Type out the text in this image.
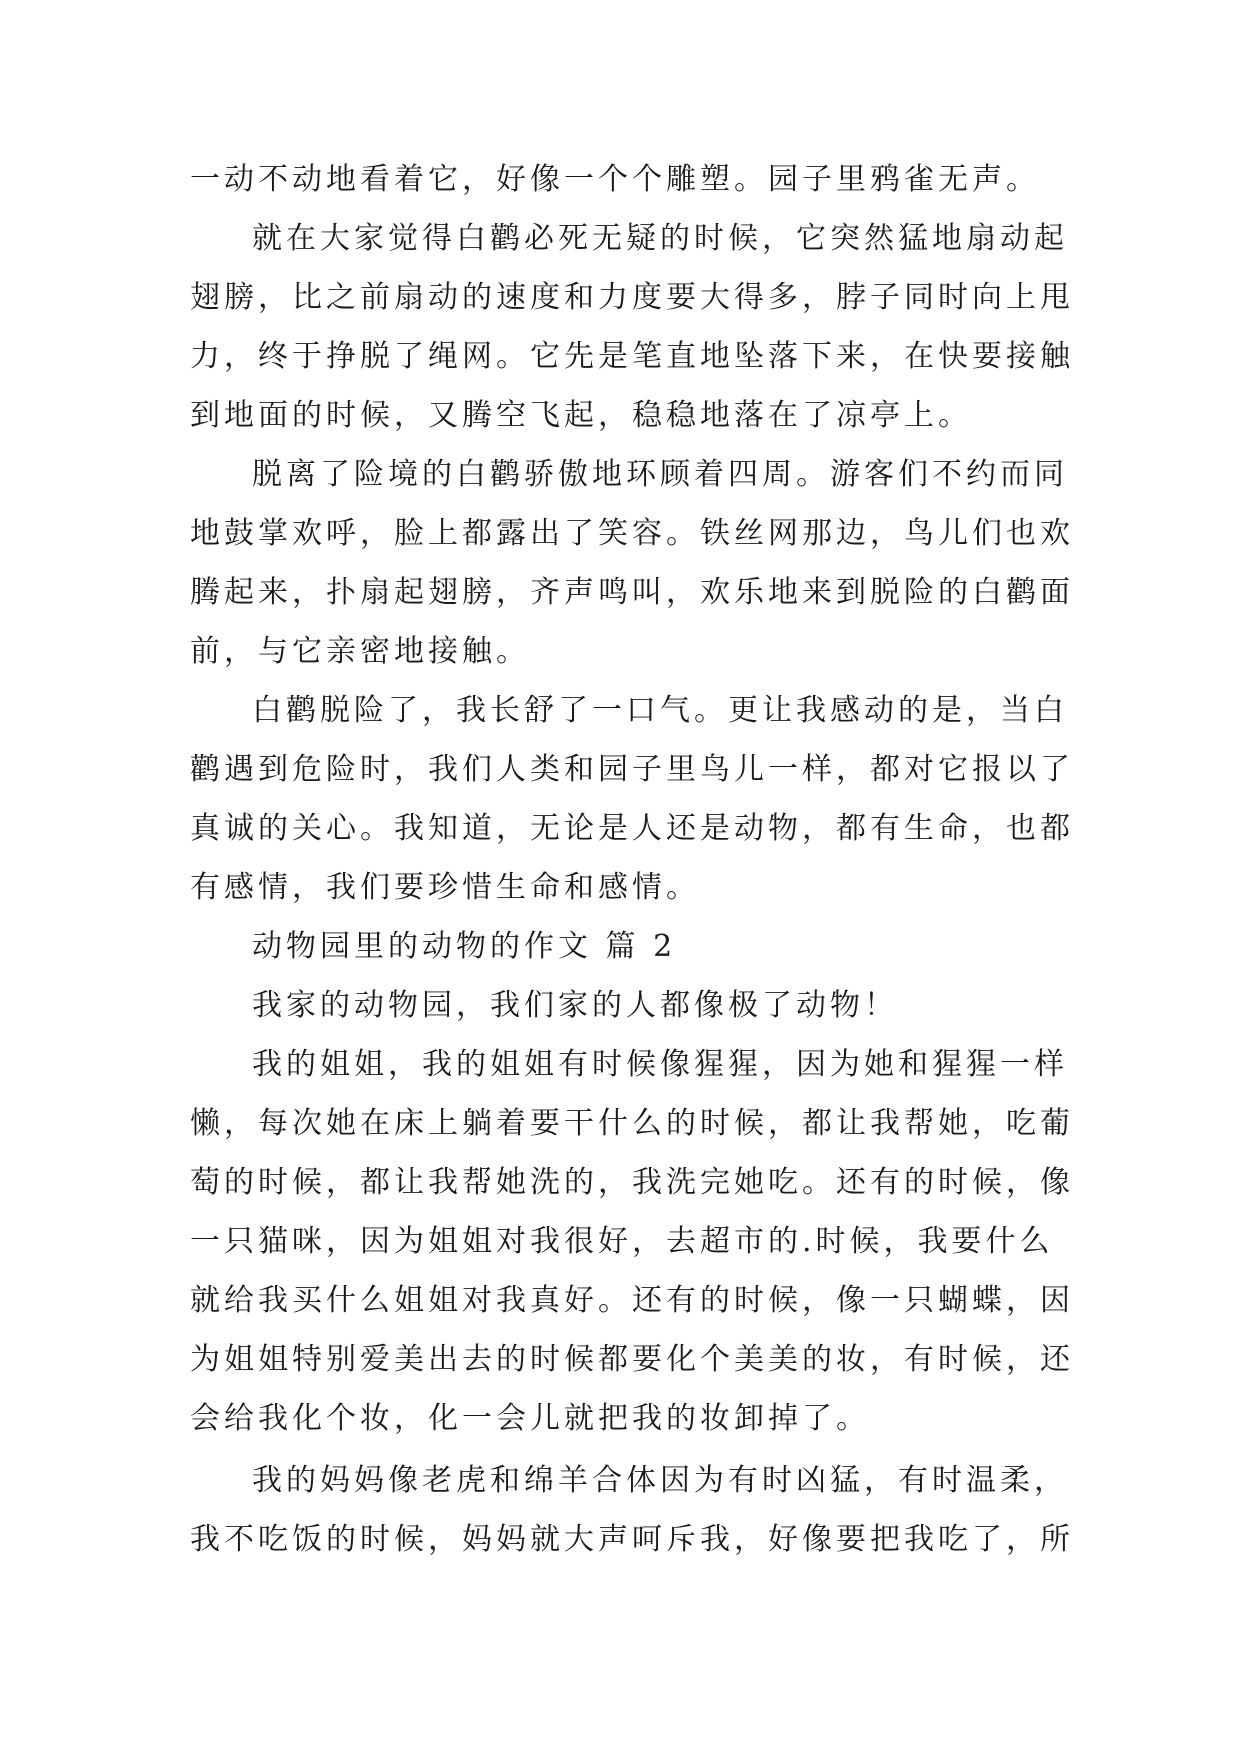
一动不动地看着它，好像一个个雕塑。园子里鸦雀无声。
就在大家觉得白鹳必死无疑的时候，它突然猛地扇动起
翅膀，比之前扇动的速度和力度要大得多，脖子同时向上甩
力，终于挣脱了绳网。它先是笔直地坠落下来，在快要接触
到地面的时候，又腾空飞起，稳稳地落在了凉亭上。
脱离了险境的白鹳骄傲地环顾着四周。游客们不约而同
地鼓掌欢呼，脸上都露出了笑容。铁丝网那边，鸟儿们也欢
腾起来，扑扇起翅膀，齐声鸣叫，欢乐地来到脱险的白鹳面
前，与它亲密地接触。
白鹳脱险了，我长舒了一口气。更让我感动的是，当白
鹳遇到危险时，我们人类和园子里鸟儿一样，都对它报以了
真诚的关心。我知道，无论是人还是动物，都有生命，也都
有感情，我们要珍惜生命和感情。
动物园里的动物的作文 篇 2
我家的动物园，我们家的人都像极了动物！
我的姐姐，我的姐姐有时候像猩猩，因为她和猩猩一样
懒，每次她在床上躺着要干什么的时候，都让我帮她，吃葡
萄的时候，都让我帮她洗的，我洗完她吃。还有的时候，像
一只猫咪，因为姐姐对我很好，去超市的.时候，我要什么
就给我买什么姐姐对我真好。还有的时候，像一只蝴蝶，因
为姐姐特别爱美出去的时候都要化个美美的妆，有时候，还
会给我化个妆，化一会儿就把我的妆卸掉了。
我的妈妈像老虎和绵羊合体因为有时凶猛，有时温柔，
我不吃饭的时候，妈妈就大声呵斥我，好像要把我吃了，所
